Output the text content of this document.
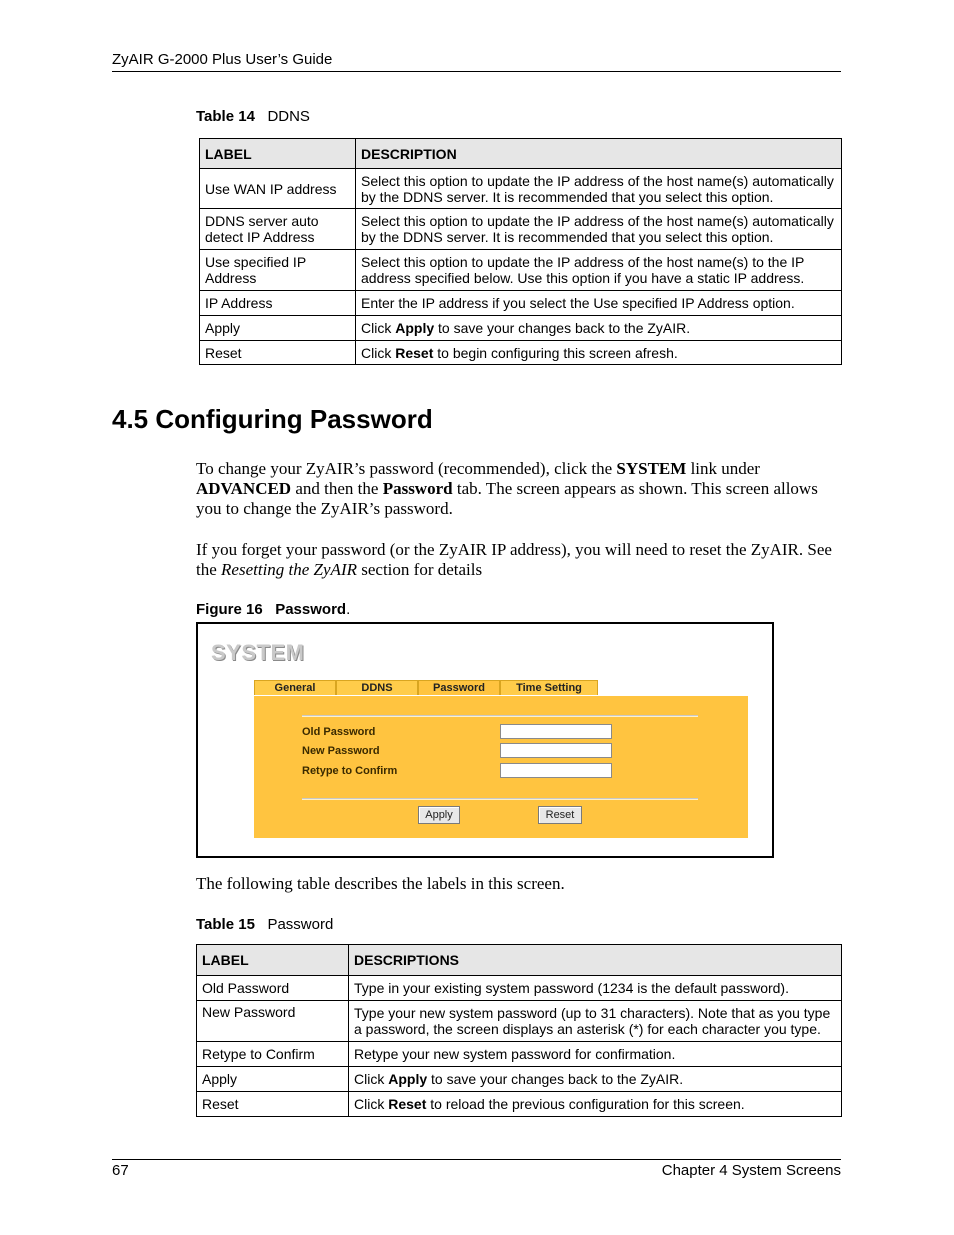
ZyAIR G-2000 Plus User’s Guide
Table 14 DDNS
LABEL	DESCRIPTION
Use WAN IP address	Select this option to update the IP address of the host name(s) automatically by the DDNS server. It is recommended that you select this option.
DDNS server auto detect IP Address	Select this option to update the IP address of the host name(s) automatically by the DDNS server. It is recommended that you select this option.
Use specified IP Address	Select this option to update the IP address of the host name(s) to the IP address specified below. Use this option if you have a static IP address.
IP Address	Enter the IP address if you select the Use specified IP Address option.
Apply	Click Apply to save your changes back to the ZyAIR.
Reset	Click Reset to begin configuring this screen afresh.
4.5 Configuring Password
To change your ZyAIR’s password (recommended), click the SYSTEM link under ADVANCED and then the Password tab. The screen appears as shown. This screen allows you to change the ZyAIR’s password.
If you forget your password (or the ZyAIR IP address), you will need to reset the ZyAIR. See the Resetting the ZyAIR section for details
Figure 16 Password.
SYSTEM
General	DDNS	Password	Time Setting
Old Password
New Password
Retype to Confirm
Apply	Reset
The following table describes the labels in this screen.
Table 15 Password
LABEL	DESCRIPTIONS
Old Password	Type in your existing system password (1234 is the default password).
New Password	Type your new system password (up to 31 characters). Note that as you type a password, the screen displays an asterisk (*) for each character you type.
Retype to Confirm	Retype your new system password for confirmation.
Apply	Click Apply to save your changes back to the ZyAIR.
Reset	Click Reset to reload the previous configuration for this screen.
67	Chapter 4 System Screens
